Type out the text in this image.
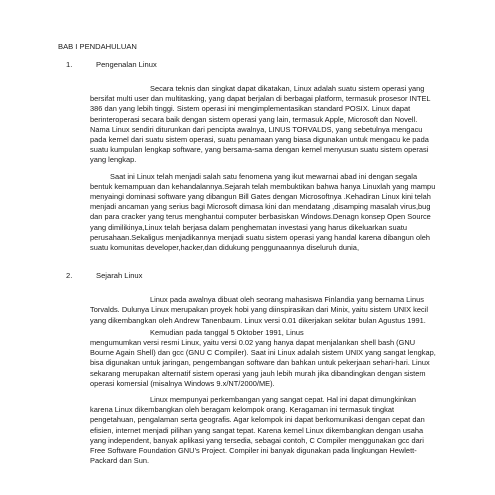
BAB I PENDAHULUAN
1.	Pengenalan Linux

Secara teknis dan singkat dapat dikatakan, Linux adalah suatu sistem operasi yang bersifat multi user dan multitasking, yang dapat berjalan di berbagai platform, termasuk prosesor INTEL 386 dan yang lebih tinggi. Sistem operasi ini mengimplementasikan standard POSIX. Linux dapat berinteroperasi secara baik dengan sistem operasi yang lain, termasuk Apple, Microsoft dan Novell. Nama Linux sendiri diturunkan dari pencipta awalnya, LINUS TORVALDS, yang sebetulnya mengacu pada kernel dari suatu sistem operasi, suatu penamaan yang biasa digunakan untuk mengacu ke pada suatu kumpulan lengkap software, yang bersama-sama dengan kernel menyusun suatu sistem operasi yang lengkap.

Saat ini Linux telah menjadi salah satu fenomena yang ikut mewarnai abad ini dengan segala bentuk kemampuan dan kehandalannya.Sejarah telah membuktikan bahwa hanya Linuxlah yang mampu menyaingi dominasi software yang dibangun Bill Gates dengan Microsoftnya .Kehadiran Linux kini telah menjadi ancaman yang serius bagi Microsoft dimasa kini dan mendatang ,disamping masalah virus,bug dan para cracker yang terus menghantui computer berbasiskan Windows.Denagn konsep Open Source yang dimilikinya,Linux telah berjasa dalam penghematan investasi yang harus dikeluarkan suatu perusahaan.Sekaligus menjadikannya menjadi suatu sistem operasi yang handal karena dibangun oleh suatu komunitas developer,hacker,dan didukung penggunaannya diseluruh dunia,

2.	Sejarah Linux

Linux pada awalnya dibuat oleh seorang mahasiswa Finlandia yang bernama Linus Torvalds. Dulunya Linux merupakan proyek hobi yang diinspirasikan dari Minix, yaitu sistem UNIX kecil yang dikembangkan oleh Andrew Tanenbaum. Linux versi 0.01 dikerjakan sekitar bulan Agustus 1991.

Kemudian pada tanggal 5 Oktober 1991, Linus

mengumumkan versi resmi Linux, yaitu versi 0.02 yang hanya dapat menjalankan shell bash (GNU Bourne Again Shell) dan gcc (GNU C Compiler). Saat ini Linux adalah sistem UNIX yang sangat lengkap, bisa digunakan untuk jaringan, pengembangan software dan bahkan untuk pekerjaan sehari-hari. Linux sekarang merupakan alternatif sistem operasi yang jauh lebih murah jika dibandingkan dengan sistem operasi komersial (misalnya Windows 9.x/NT/2000/ME).

Linux mempunyai perkembangan yang sangat cepat. Hal ini dapat dimungkinkan karena Linux dikembangkan oleh beragam kelompok orang. Keragaman ini termasuk tingkat pengetahuan, pengalaman serta geografis. Agar kelompok ini dapat berkomunikasi dengan cepat dan efisien, internet menjadi pilihan yang sangat tepat. Karena kernel Linux dikembangkan dengan usaha yang independent, banyak aplikasi yang tersedia, sebagai contoh, C Compiler menggunakan gcc dari Free Software Foundation GNU’s Project. Compiler ini banyak digunakan pada lingkungan Hewlett-Packard dan Sun.
